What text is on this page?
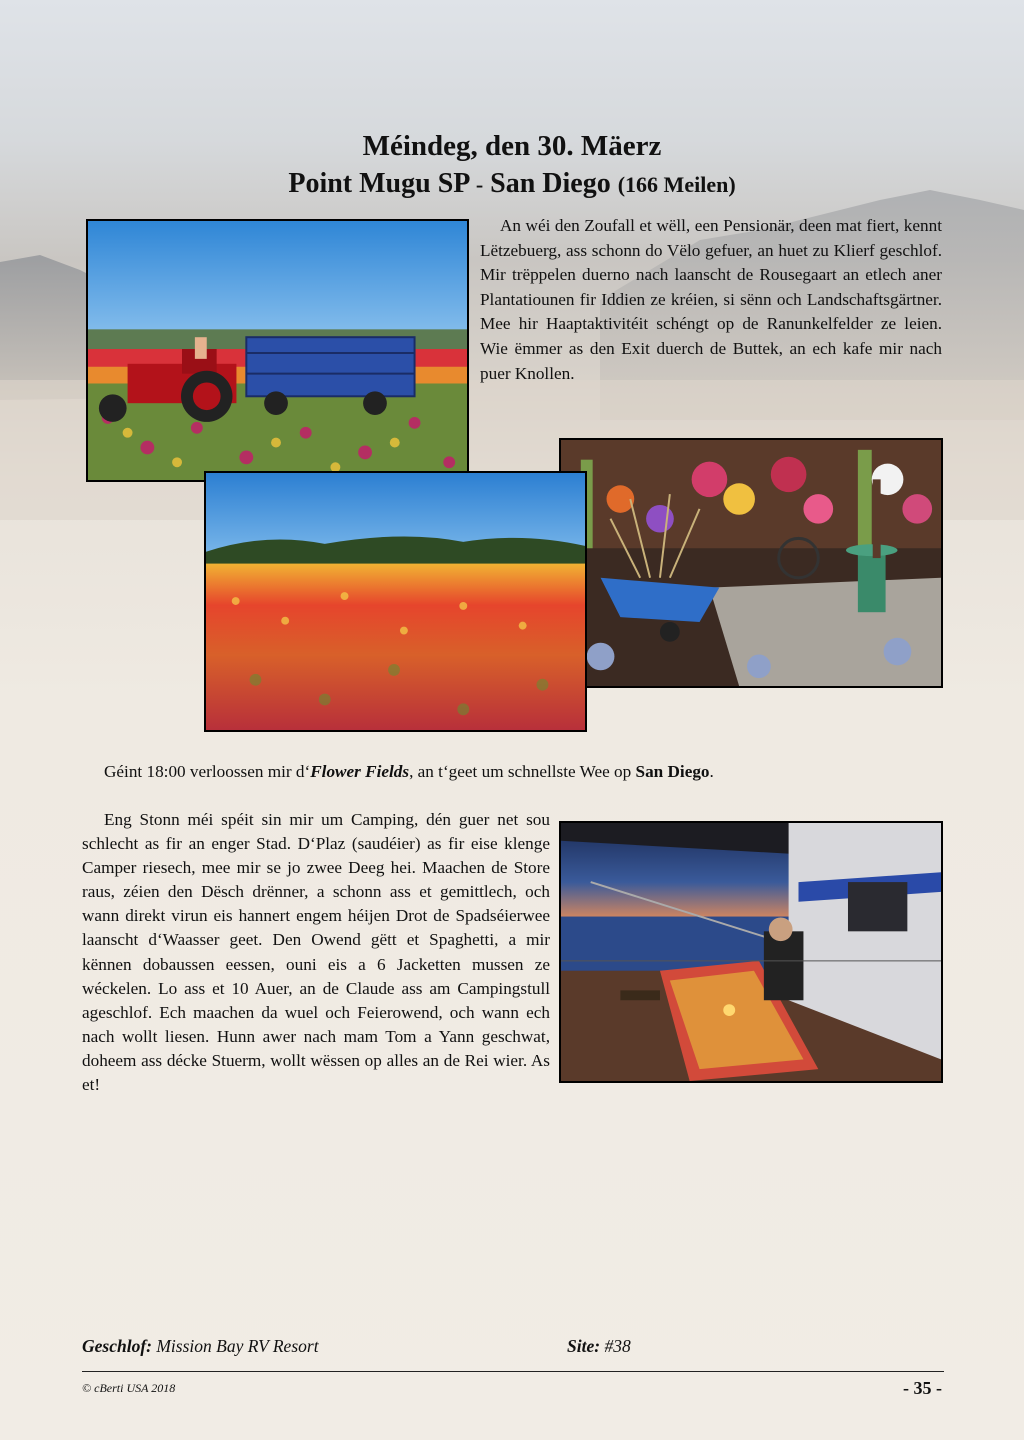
Méindeg, den 30. Mäerz
Point Mugu SP - San Diego (166 Meilen)

An wéi den Zoufall et wëll, een Pensionär, deen mat fiert, kennt Lëtzebuerg, ass schonn do Vëlo gefuer, an huet zu Klierf geschlof. Mir trëppelen duerno nach laanscht de Rousegaart an etlech aner Plantatiounen fir Iddien ze kréien, si sënn och Landschaftsgärtner. Mee hir Haaptaktivitéit schéngt op de Ranunkelfelder ze leien. Wie ëmmer as den Exit duerch de Buttek, an ech kafe mir nach puer Knollen.

Géint 18:00 verloossen mir d‘Flower Fields, an t‘geet um schnellste Wee op San Diego.

Eng Stonn méi spéit sin mir um Camping, dén guer net sou schlecht as fir an enger Stad. D‘Plaz (saudéier) as fir eise klenge Camper riesech, mee mir se jo zwee Deeg hei. Maachen de Store raus, zéien den Dësch drënner, a schonn ass et gemittlech, och wann direkt virun eis hannert engem héijen Drot de Spadséierwee laanscht d‘Waasser geet. Den Owend gëtt et Spaghetti, a mir kënnen dobaussen eessen, ouni eis a 6 Jacketten mussen ze wéckelen. Lo ass et 10 Auer, an de Claude ass am Campingstull ageschlof. Ech maachen da wuel och Feierowend, och wann ech nach wollt liesen. Hunn awer nach mam Tom a Yann geschwat, doheem ass décke Stuerm, wollt wëssen op alles an de Rei wier. As et!

Geschlof: Mission Bay RV Resort	Site: #38
© cBerti USA 2018	- 35 -
